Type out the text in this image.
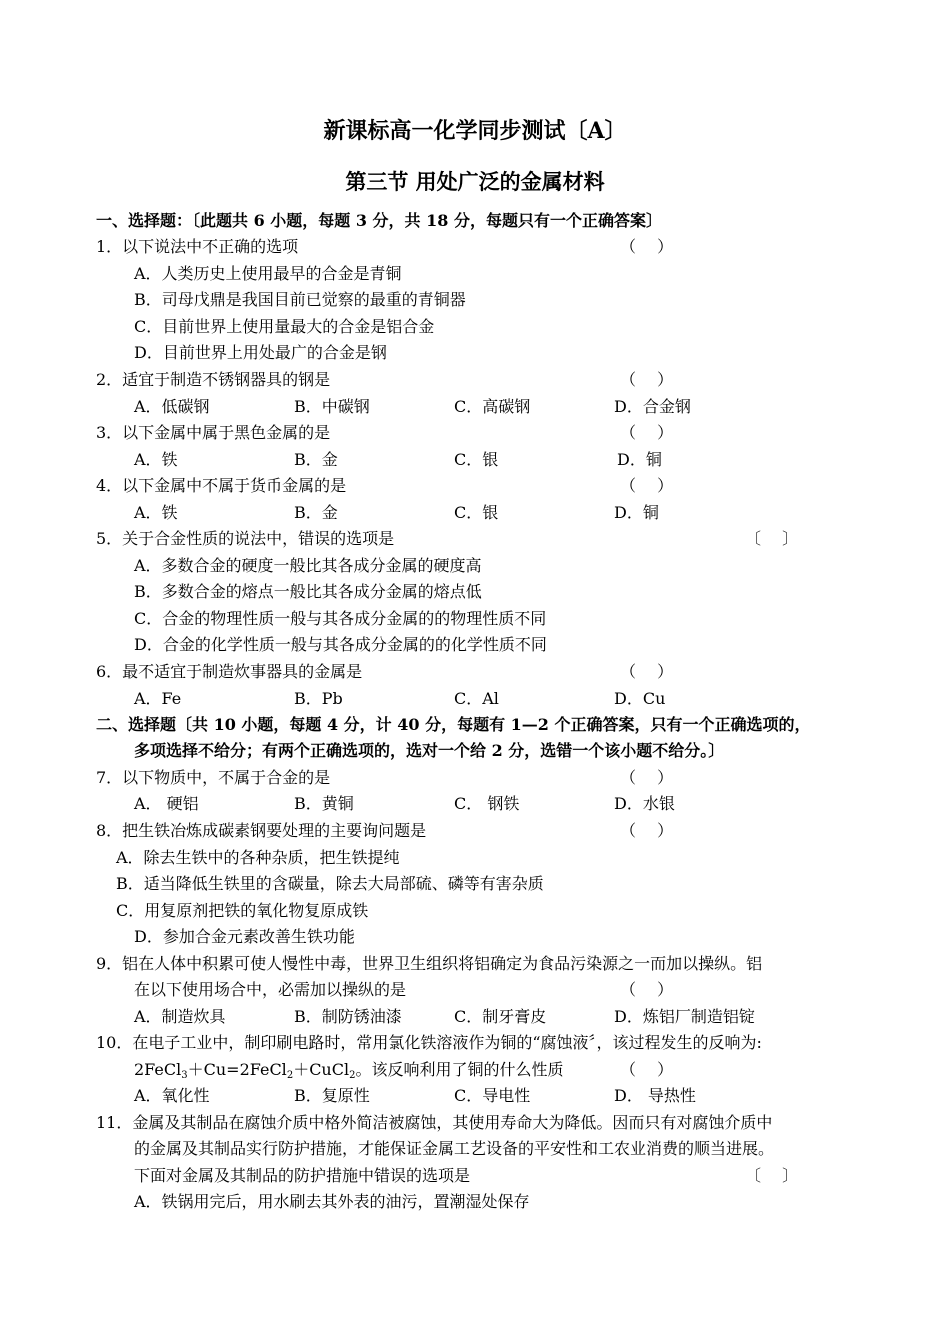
新课标高一化学同步测试〔A〕
第三节 用处广泛的金属材料
一、选择题：〔此题共 6 小题，每题 3 分，共 18 分，每题只有一个正确答案〕
1．以下说法中不正确的选项	（　 ）
A．人类历史上使用最早的合金是青铜
B．司母戊鼎是我国目前已觉察的最重的青铜器
C．目前世界上使用量最大的合金是铝合金
D．目前世界上用处最广的合金是钢
2．适宜于制造不锈钢器具的钢是	（　 ）
A．低碳钢	B．中碳钢	C．高碳钢	D．合金钢
3．以下金属中属于黑色金属的是	（　 ）
A．铁	B．金	C．银	D．铜
4．以下金属中不属于货币金属的是	（　 ）
A．铁	B．金	C．银	D．铜
5．关于合金性质的说法中，错误的选项是	〔　 〕
A．多数合金的硬度一般比其各成分金属的硬度高
B．多数合金的熔点一般比其各成分金属的熔点低
C．合金的物理性质一般与其各成分金属的的物理性质不同
D．合金的化学性质一般与其各成分金属的的化学性质不同
6．最不适宜于制造炊事器具的金属是	（　 ）
A．Fe	B．Pb	C．Al	D．Cu
二、选择题〔共 10 小题，每题 4 分，计 40 分，每题有 1—2 个正确答案，只有一个正确选项的，
多项选择不给分；有两个正确选项的，选对一个给 2 分，选错一个该小题不给分。〕
7．以下物质中，不属于合金的是	（　 ）
A． 硬铝	B．黄铜	C． 钢铁	D．水银
8．把生铁冶炼成碳素钢要处理的主要询问题是	（　 ）
A．除去生铁中的各种杂质，把生铁提纯
B．适当降低生铁里的含碳量，除去大局部硫、磷等有害杂质
C．用复原剂把铁的氧化物复原成铁
D．参加合金元素改善生铁功能
9．铝在人体中积累可使人慢性中毒，世界卫生组织将铝确定为食品污染源之一而加以操纵。铝
在以下使用场合中，必需加以操纵的是	（　 ）
A．制造炊具	B．制防锈油漆	C．制牙膏皮	D．炼铝厂制造铝锭
10．在电子工业中，制印刷电路时，常用氯化铁溶液作为铜的“腐蚀液〞，该过程发生的反响为:
2FeCl$_3$＋Cu=2FeCl$_2$＋CuCl$_2$。该反响利用了铜的什么性质	（　 ）
A．氧化性	B．复原性	C．导电性	D． 导热性
11．金属及其制品在腐蚀介质中格外简洁被腐蚀，其使用寿命大为降低。因而只有对腐蚀介质中
的金属及其制品实行防护措施，才能保证金属工艺设备的平安性和工农业消费的顺当进展。
下面对金属及其制品的防护措施中错误的选项是	〔　 〕
A．铁锅用完后，用水刷去其外表的油污，置潮湿处保存
